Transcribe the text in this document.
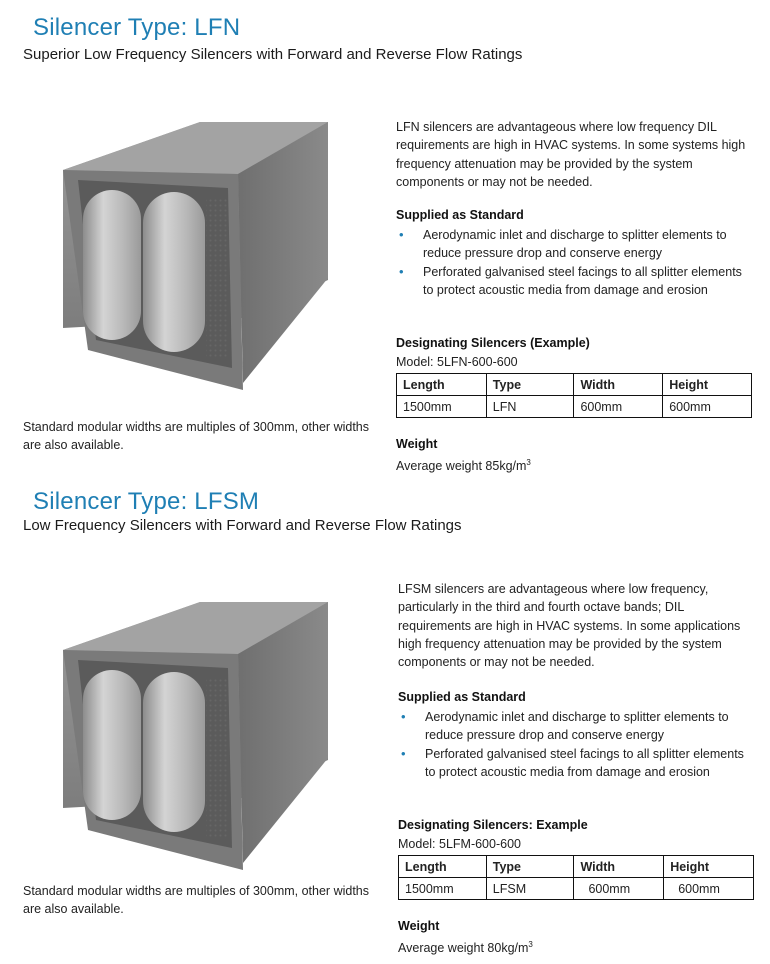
Silencer Type: LFN
Superior Low Frequency Silencers with Forward and Reverse Flow Ratings
LFN silencers are advantageous where low frequency DIL requirements are high in HVAC systems. In some systems high frequency attenuation may be provided by the system components or may not be needed.
Supplied as Standard
• Aerodynamic inlet and discharge to splitter elements to reduce pressure drop and conserve energy
• Perforated galvanised steel facings to all splitter elements to protect acoustic media from damage and erosion
Designating Silencers (Example)
Model: 5LFN-600-600
Length	Type	Width	Height
1500mm	LFN	600mm	600mm
Standard modular widths are multiples of 300mm, other widths are also available.	Weight
Average weight $85kg/m^3$
Silencer Type: LFSM
Low Frequency Silencers with Forward and Reverse Flow Ratings
LFSM silencers are advantageous where low frequency, particularly in the third and fourth octave bands; DIL requirements are high in HVAC systems. In some applications high frequency attenuation may be provided by the system components or may not be needed.
Supplied as Standard
• Aerodynamic inlet and discharge to splitter elements to reduce pressure drop and conserve energy
• Perforated galvanised steel facings to all splitter elements to protect acoustic media from damage and erosion
Designating Silencers: Example
Model: 5LFM-600-600
Length	Type	Width	Height
1500mm	LFSM	600mm	600mm
Standard modular widths are multiples of 300mm, other widths are also available.
Weight
Average weight $80kg/m^3$
